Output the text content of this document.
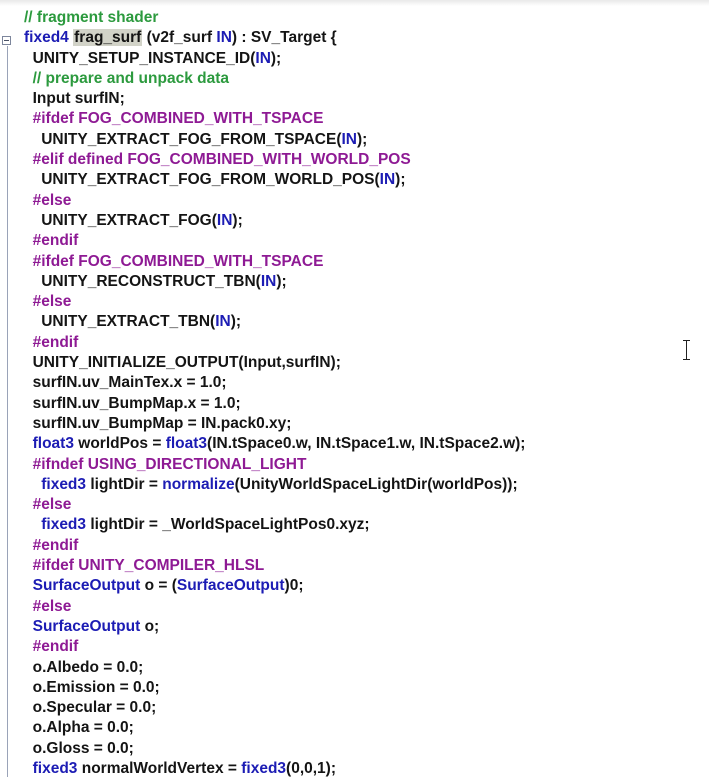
// fragment shader
fixed4 frag_surf (v2f_surf IN) : SV_Target {
UNITY_SETUP_INSTANCE_ID(IN);
// prepare and unpack data
Input surfIN;
#ifdef FOG_COMBINED_WITH_TSPACE
UNITY_EXTRACT_FOG_FROM_TSPACE(IN);
#elif defined FOG_COMBINED_WITH_WORLD_POS
UNITY_EXTRACT_FOG_FROM_WORLD_POS(IN);
#else
UNITY_EXTRACT_FOG(IN);
#endif
#ifdef FOG_COMBINED_WITH_TSPACE
UNITY_RECONSTRUCT_TBN(IN);
#else
UNITY_EXTRACT_TBN(IN);
#endif
UNITY_INITIALIZE_OUTPUT(Input,surfIN);
surfIN.uv_MainTex.x = 1.0;
surfIN.uv_BumpMap.x = 1.0;
surfIN.uv_BumpMap = IN.pack0.xy;
float3 worldPos = float3(IN.tSpace0.w, IN.tSpace1.w, IN.tSpace2.w);
#ifndef USING_DIRECTIONAL_LIGHT
fixed3 lightDir = normalize(UnityWorldSpaceLightDir(worldPos));
#else
fixed3 lightDir = _WorldSpaceLightPos0.xyz;
#endif
#ifdef UNITY_COMPILER_HLSL
SurfaceOutput o = (SurfaceOutput)0;
#else
SurfaceOutput o;
#endif
o.Albedo = 0.0;
o.Emission = 0.0;
o.Specular = 0.0;
o.Alpha = 0.0;
o.Gloss = 0.0;
fixed3 normalWorldVertex = fixed3(0,0,1);
